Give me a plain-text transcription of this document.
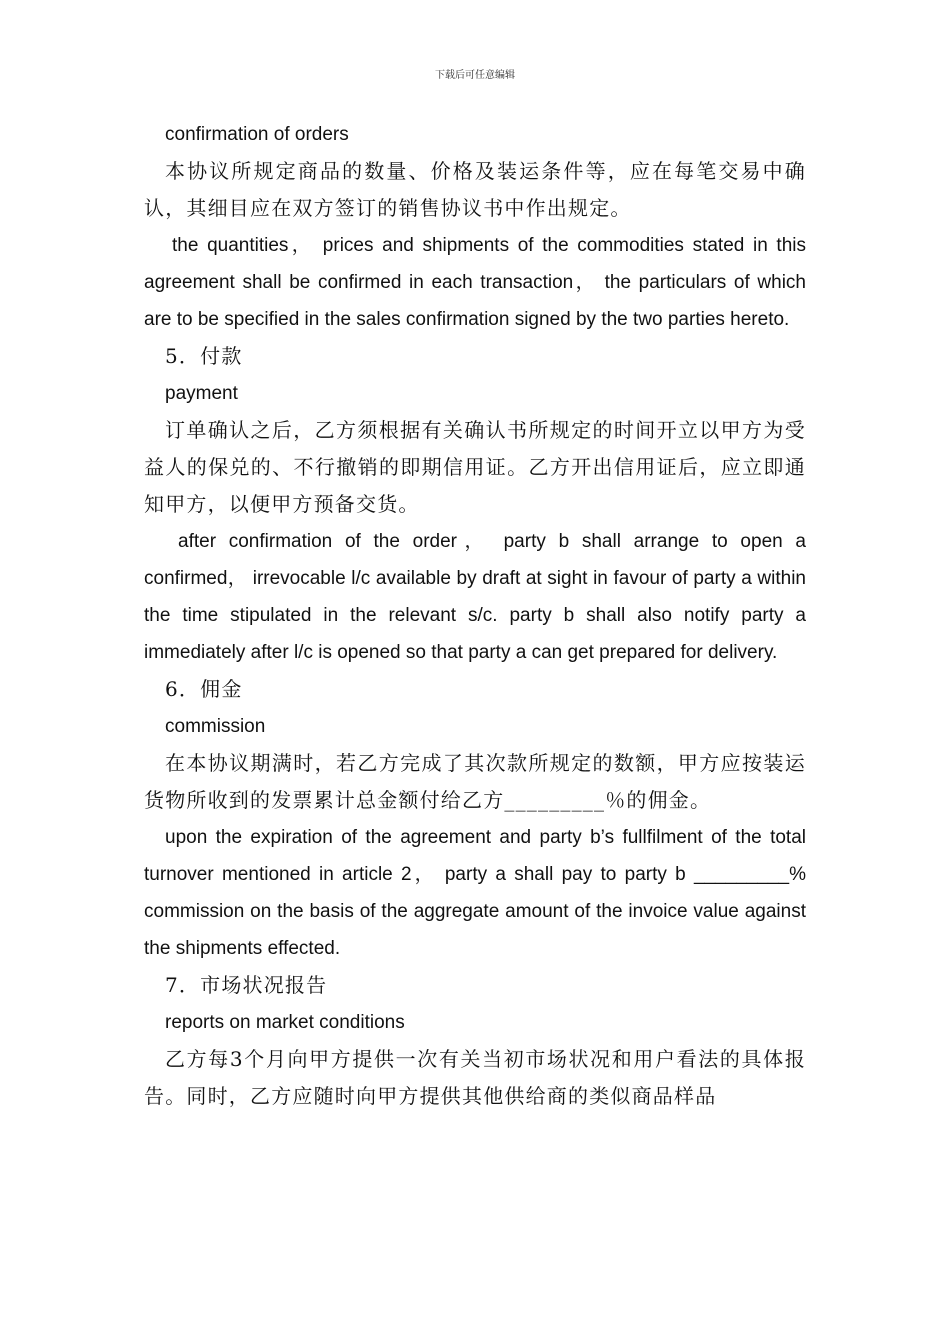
下载后可任意编辑

confirmation of orders

本协议所规定商品的数量、价格及装运条件等，应在每笔交易中确认，其细目应在双方签订的销售协议书中作出规定。

the quantities， prices and shipments of the commodities stated in this agreement shall be confirmed in each transaction， the particulars of which are to be specified in the sales confirmation signed by the two parties hereto.

5．付款

payment

订单确认之后，乙方须根据有关确认书所规定的时间开立以甲方为受益人的保兑的、不行撤销的即期信用证。乙方开出信用证后，应立即通知甲方，以便甲方预备交货。

after confirmation of the order， party b shall arrange to open a confirmed， irrevocable l/c available by draft at sight in favour of party a within the time stipulated in the relevant s/c. party b shall also notify party a immediately after l/c is opened so that party a can get prepared for delivery.

6．佣金

commission

在本协议期满时，若乙方完成了其次款所规定的数额，甲方应按装运货物所收到的发票累计总金额付给乙方_________％的佣金。

upon the expiration of the agreement and party b’s fullfilment of the total turnover mentioned in article 2， party a shall pay to party b _________% commission on the basis of the aggregate amount of the invoice value against the shipments effected.

7．市场状况报告

reports on market conditions

乙方每3个月向甲方提供一次有关当初市场状况和用户看法的具体报告。同时，乙方应随时向甲方提供其他供给商的类似商品样品
